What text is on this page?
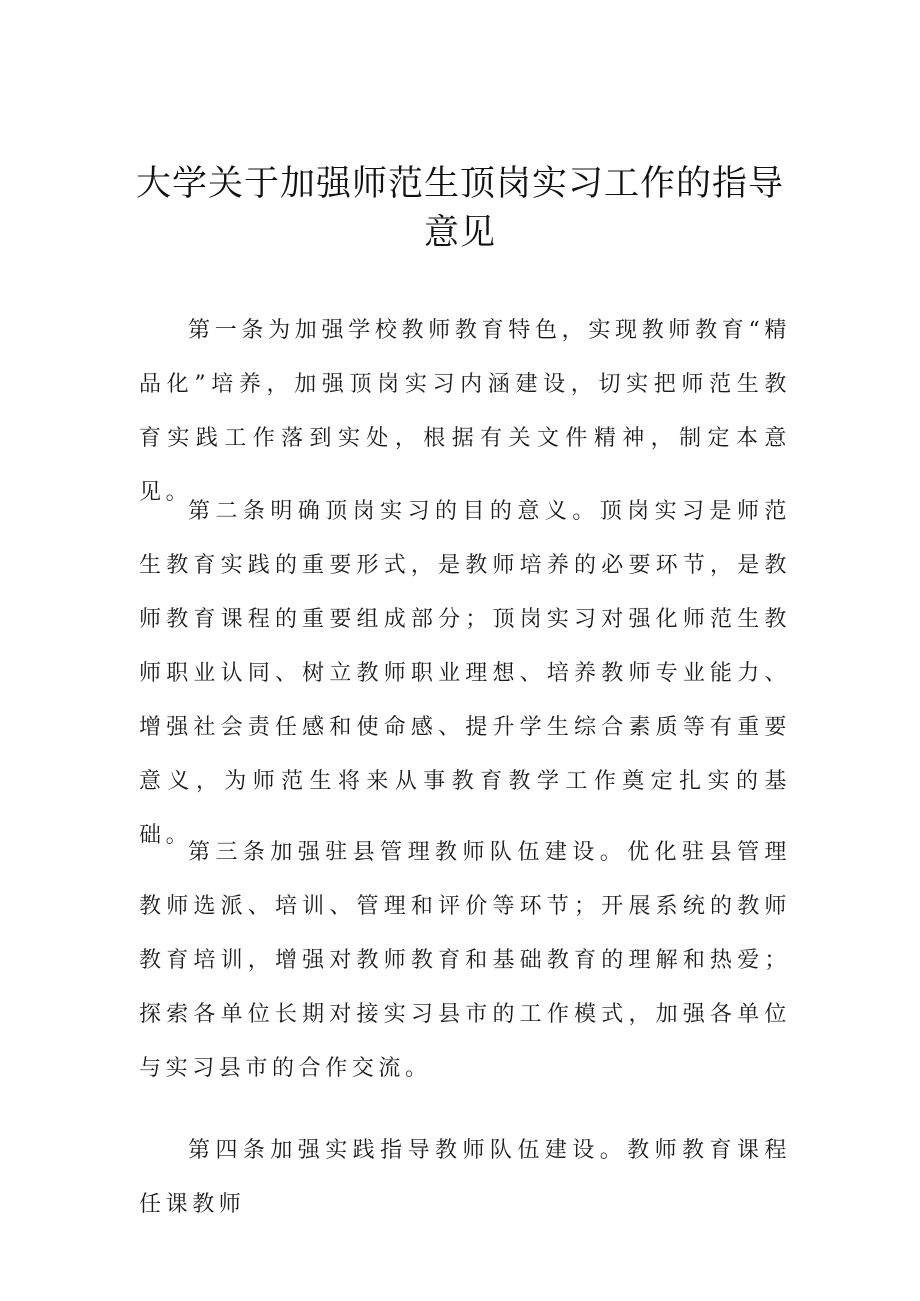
大学关于加强师范生顶岗实习工作的指导
意见

第一条为加强学校教师教育特色，实现教师教育“精品化”培养，加强顶岗实习内涵建设，切实把师范生教育实践工作落到实处，根据有关文件精神，制定本意见。

第二条明确顶岗实习的目的意义。顶岗实习是师范生教育实践的重要形式，是教师培养的必要环节，是教师教育课程的重要组成部分；顶岗实习对强化师范生教师职业认同、树立教师职业理想、培养教师专业能力、增强社会责任感和使命感、提升学生综合素质等有重要意义，为师范生将来从事教育教学工作奠定扎实的基础。

第三条加强驻县管理教师队伍建设。优化驻县管理教师选派、培训、管理和评价等环节；开展系统的教师教育培训，增强对教师教育和基础教育的理解和热爱；探索各单位长期对接实习县市的工作模式，加强各单位与实习县市的合作交流。

第四条加强实践指导教师队伍建设。教师教育课程任课教师
